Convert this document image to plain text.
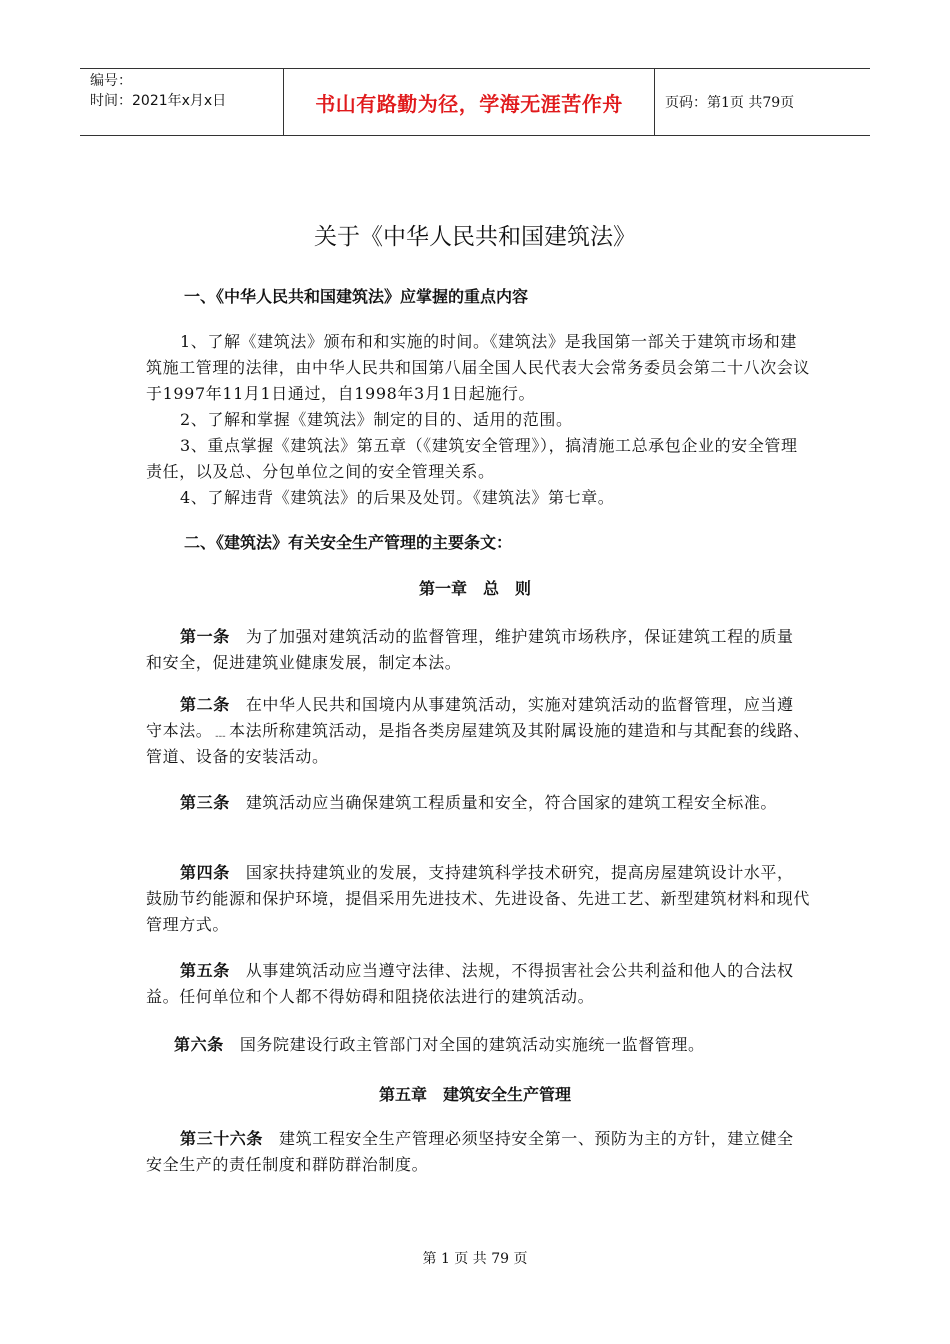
编号：
时间：2021年x月x日	书山有路勤为径，学海无涯苦作舟	页码：第1页 共79页
关于《中华人民共和国建筑法》
一、《中华人民共和国建筑法》应掌握的重点内容

1、了解《建筑法》颁布和和实施的时间。《建筑法》是我国第一部关于建筑市场和建筑施工管理的法律，由中华人民共和国第八届全国人民代表大会常务委员会第二十八次会议于1997年11月1日通过，自1998年3月1日起施行。

2、了解和掌握《建筑法》制定的目的、适用的范围。

3、重点掌握《建筑法》第五章（《建筑安全管理》），搞清施工总承包企业的安全管理责任，以及总、分包单位之间的安全管理关系。

4、了解违背《建筑法》的后果及处罚。《建筑法》第七章。

二、《建筑法》有关安全生产管理的主要条文：
第一章　总　则

第一条 为了加强对建筑活动的监督管理，维护建筑市场秩序，保证建筑工程的质量和安全，促进建筑业健康发展，制定本法。

第二条 在中华人民共和国境内从事建筑活动，实施对建筑活动的监督管理，应当遵守本法。﹍本法所称建筑活动，是指各类房屋建筑及其附属设施的建造和与其配套的线路、管道、设备的安装活动。

第三条 建筑活动应当确保建筑工程质量和安全，符合国家的建筑工程安全标准。

第四条 国家扶持建筑业的发展，支持建筑科学技术研究，提高房屋建筑设计水平，鼓励节约能源和保护环境，提倡采用先进技术、先进设备、先进工艺、新型建筑材料和现代管理方式。

第五条 从事建筑活动应当遵守法律、法规，不得损害社会公共利益和他人的合法权益。任何单位和个人都不得妨碍和阻挠依法进行的建筑活动。

第六条 国务院建设行政主管部门对全国的建筑活动实施统一监督管理。

第五章　建筑安全生产管理

第三十六条 建筑工程安全生产管理必须坚持安全第一、预防为主的方针，建立健全安全生产的责任制度和群防群治制度。

第 1 页 共 79 页
